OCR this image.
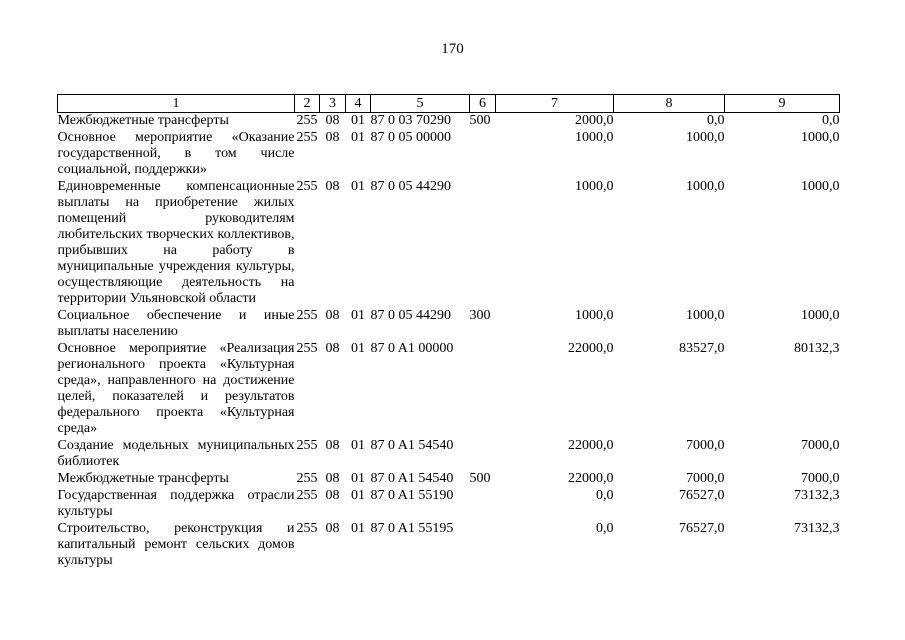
170
1	2	3	4	5	6	7	8	9
Межбюджетные трансферты	255	08	01	87 0 03 70290	500	2000,0	0,0	0,0
Основное мероприятие «Оказание государственной, в том числе социальной, поддержки»	255	08	01	87 0 05 00000		1000,0	1000,0	1000,0
Единовременные компенсационные выплаты на приобретение жилых помещений руководителям любительских творческих коллективов, прибывших на работу в муниципальные учреждения культуры, осуществляющие деятельность на территории Ульяновской области	255	08	01	87 0 05 44290		1000,0	1000,0	1000,0
Социальное обеспечение и иные выплаты населению	255	08	01	87 0 05 44290	300	1000,0	1000,0	1000,0
Основное мероприятие «Реализация регионального проекта «Культурная среда», направленного на достижение целей, показателей и результатов федерального проекта «Культурная среда»	255	08	01	87 0 A1 00000		22000,0	83527,0	80132,3
Создание модельных муниципальных библиотек	255	08	01	87 0 A1 54540		22000,0	7000,0	7000,0
Межбюджетные трансферты	255	08	01	87 0 A1 54540	500	22000,0	7000,0	7000,0
Государственная поддержка отрасли культуры	255	08	01	87 0 A1 55190		0,0	76527,0	73132,3
Строительство, реконструкция и капитальный ремонт сельских домов культуры	255	08	01	87 0 A1 55195		0,0	76527,0	73132,3
